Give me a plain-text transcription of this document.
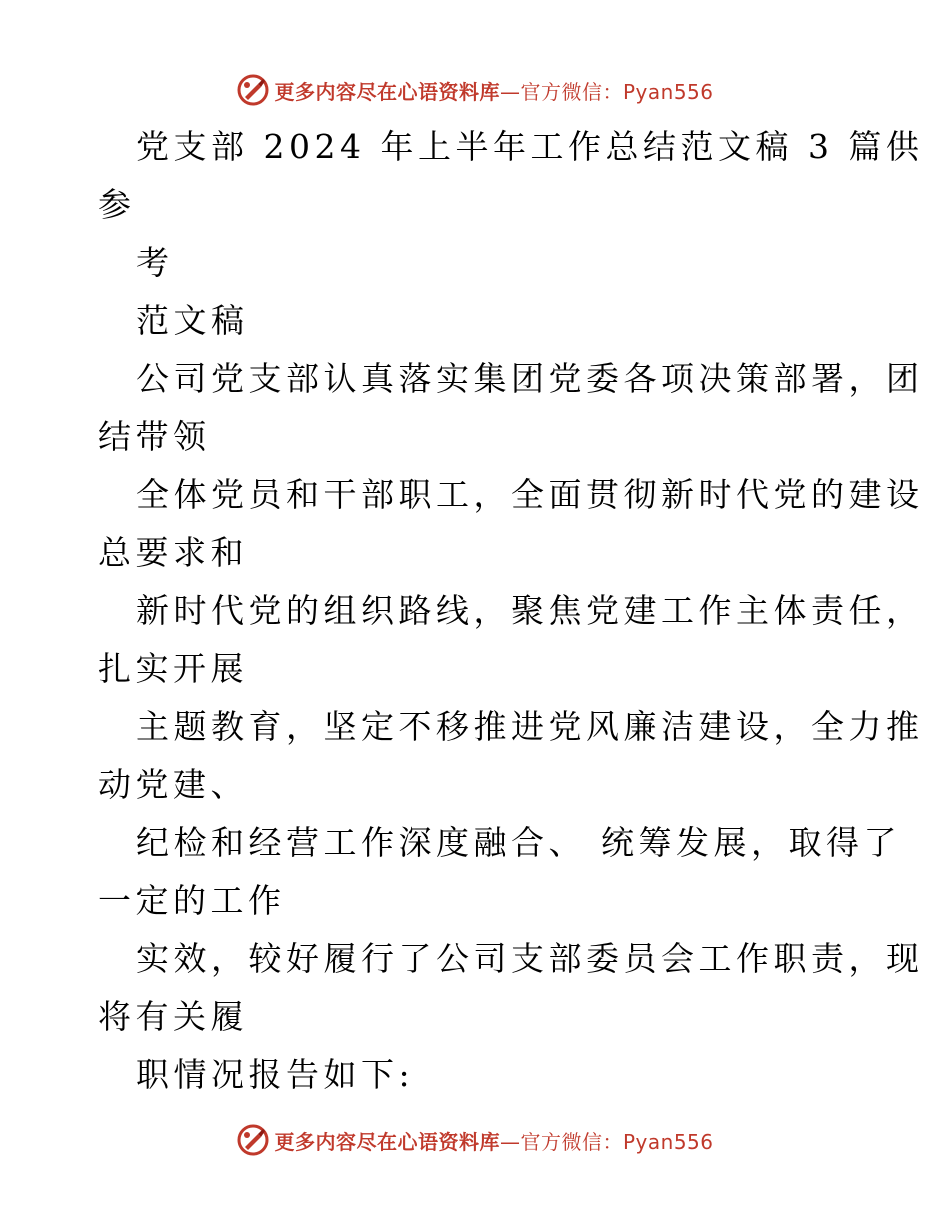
更多内容尽在心语资料库—官方微信：Pyan556
党支部 2024 年上半年工作总结范文稿 3 篇供
参
考
范文稿
公司党支部认真落实集团党委各项决策部署，团
结带领
全体党员和干部职工，全面贯彻新时代党的建设
总要求和
新时代党的组织路线，聚焦党建工作主体责任，
扎实开展
主题教育，坚定不移推进党风廉洁建设，全力推
动党建、
纪检和经营工作深度融合、 统筹发展，取得了
一定的工作
实效，较好履行了公司支部委员会工作职责，现
将有关履
职情况报告如下:
更多内容尽在心语资料库—官方微信：Pyan556
